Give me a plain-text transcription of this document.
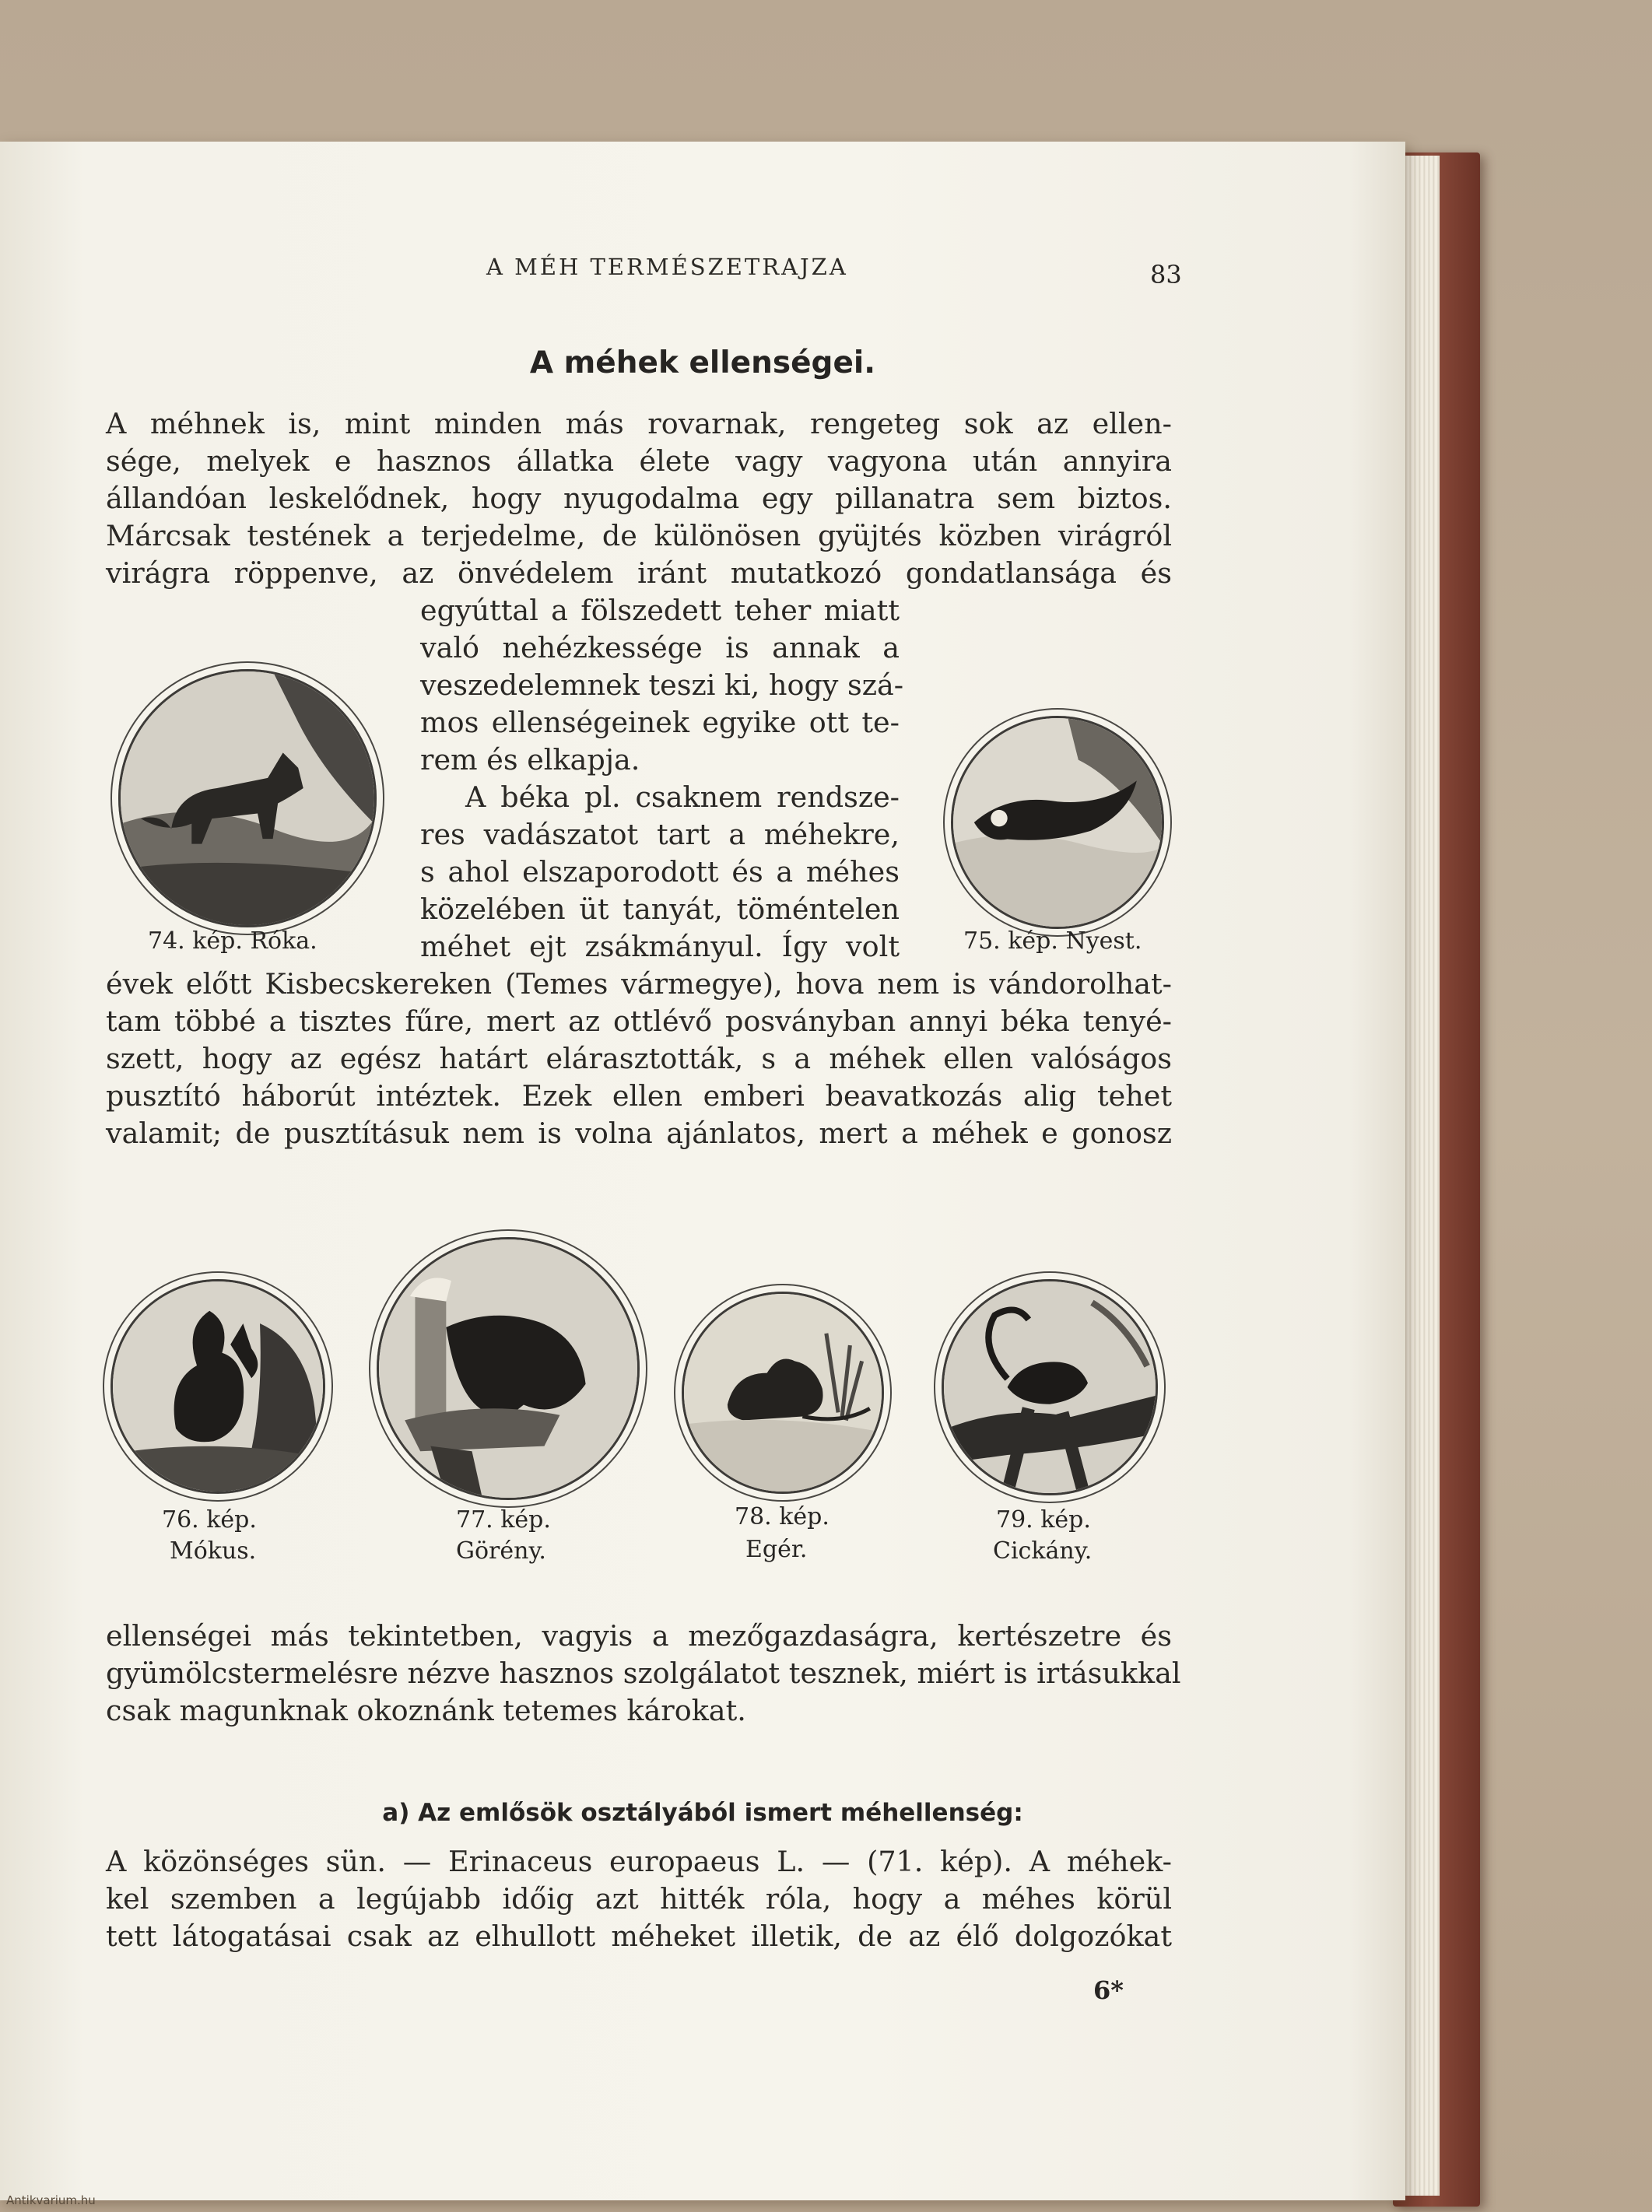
A MÉH TERMÉSZETRAJZA	83
A méhek ellenségei.
A méhnek is, mint minden más rovarnak, rengeteg sok az ellen-
sége, melyek e hasznos állatka élete vagy vagyona után annyira
állandóan leskelődnek, hogy nyugodalma egy pillanatra sem biztos.
Márcsak testének a terjedelme, de különösen gyüjtés közben virágról
virágra röppenve, az önvédelem iránt mutatkozó gondatlansága és
egyúttal a fölszedett teher miatt
való nehézkessége is annak a
veszedelemnek teszi ki, hogy szá-
mos ellenségeinek egyike ott te-
rem és elkapja.
A béka pl. csaknem rendsze-
res vadászatot tart a méhekre,
s ahol elszaporodott és a méhes
közelében üt tanyát, töméntelen
méhet ejt zsákmányul. Így volt
74. kép. Róka.	75. kép. Nyest.
évek előtt Kisbecskereken (Temes vármegye), hova nem is vándorolhat-
tam többé a tisztes fűre, mert az ottlévő posványban annyi béka tenyé-
szett, hogy az egész határt elárasztották, s a méhek ellen valóságos
pusztító háborút intéztek. Ezek ellen emberi beavatkozás alig tehet
valamit; de pusztításuk nem is volna ajánlatos, mert a méhek e gonosz
76. kép.
Mókus.
77. kép.
Görény.
78. kép.
Egér.
79. kép.
Cickány.
ellenségei más tekintetben, vagyis a mezőgazdaságra, kertészetre és
gyümölcstermelésre nézve hasznos szolgálatot tesznek, miért is irtásukkal
csak magunknak okoznánk tetemes károkat.
a) Az emlősök osztályából ismert méhellenség:
A közönséges sün. — Erinaceus europaeus L. — (71. kép). A méhek-
kel szemben a legújabb időig azt hitték róla, hogy a méhes körül
tett látogatásai csak az elhullott méheket illetik, de az élő dolgozókat
6*
Antikvarium.hu
